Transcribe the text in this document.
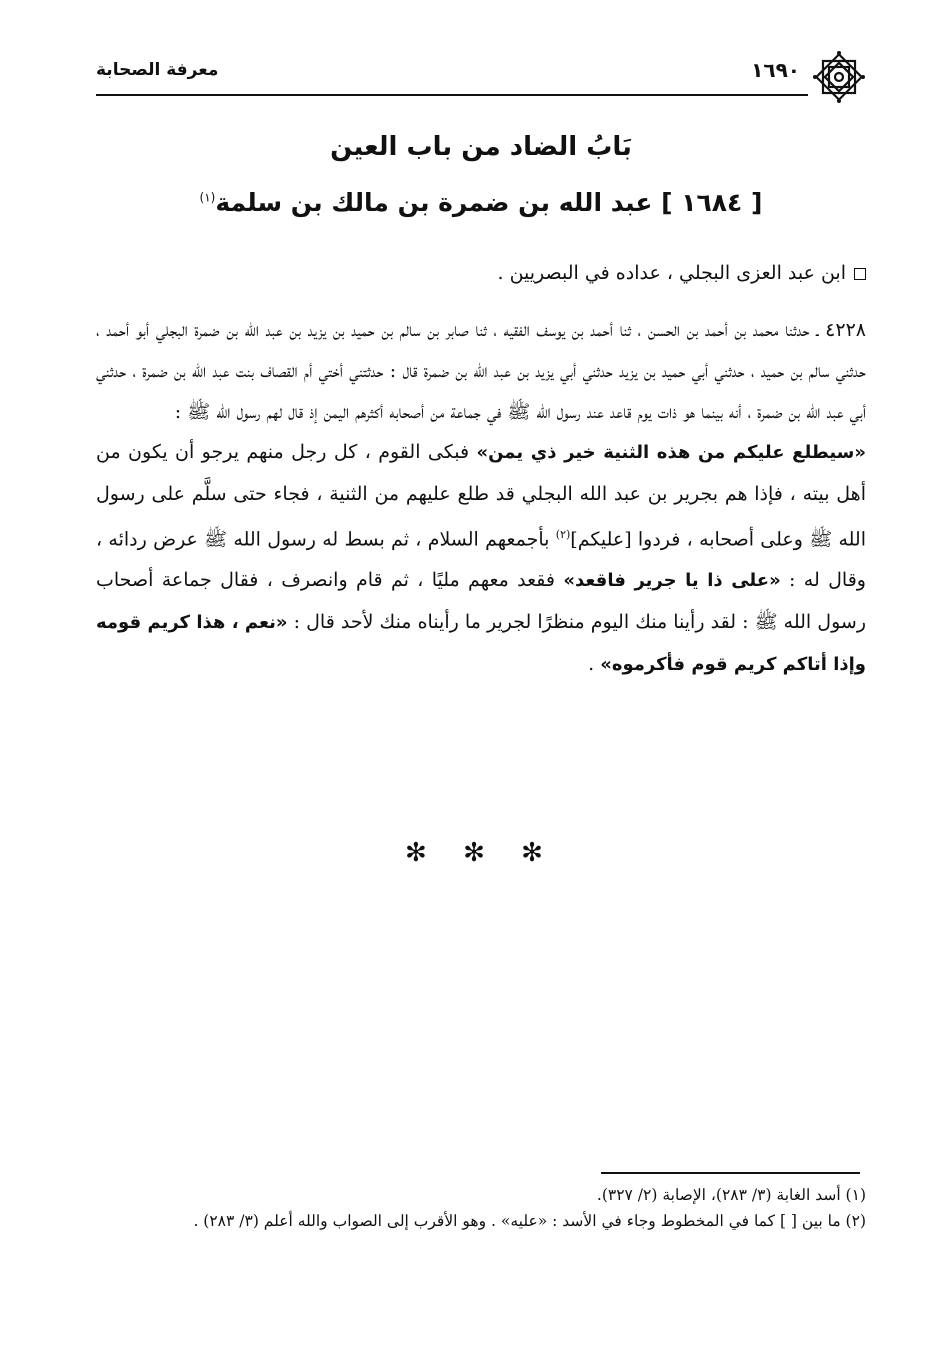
معرفة الصحابة	١٦٩٠
بَابُ الضاد من باب العين
[ ١٦٨٤ ] عبد الله بن ضمرة بن مالك بن سلمة$^{(١)}$
ابن عبد العزى البجلي ، عداده في البصريين .
٤٢٢٨ ـ حدثنا محمد بن أحمد بن الحسن ، ثنا أحمد بن يوسف الفقيه ، ثنا صابر بن سالم بن حميد بن يزيد بن عبد الله بن ضمرة البجلي أبو أحمد ، حدثني سالم بن حميد ، حدثني أبي حميد بن يزيد حدثني أبي يزيد بن عبد الله بن ضمرة قال : حدثتني أختي أم القصاف بنت عبد الله بن ضمرة ، حدثني أبي عبد الله بن ضمرة ، أنه بينما هو ذات يوم قاعد عند رسول الله ﷺ في جماعة من أصحابه أكثرهم اليمن إذ قال لهم رسول الله ﷺ :
«سيطلع عليكم من هذه الثنية خير ذي يمن» فبكى القوم ، كل رجل منهم يرجو أن يكون من أهل بيته ، فإذا هم بجرير بن عبد الله البجلي قد طلع عليهم من الثنية ، فجاء حتى سلَّم على رسول الله ﷺ وعلى أصحابه ، فردوا [عليكم]$^{(٢)}$ بأجمعهم السلام ، ثم بسط له رسول الله ﷺ عرض ردائه ، وقال له : «على ذا يا جرير فاقعد» فقعد معهم مليًا ، ثم قام وانصرف ، فقال جماعة أصحاب رسول الله ﷺ : لقد رأينا منك اليوم منظرًا لجرير ما رأيناه منك لأحد قال : «نعم ، هذا كريم قومه وإذا أتاكم كريم قوم فأكرموه» .
✻ ✻ ✻

(١) أسد الغابة (٣/ ٢٨٣)، الإصابة (٢/ ٣٢٧).

(٢) ما بين [ ] كما في المخطوط وجاء في الأسد : «عليه» . وهو الأقرب إلى الصواب والله أعلم (٣/ ٢٨٣) .
